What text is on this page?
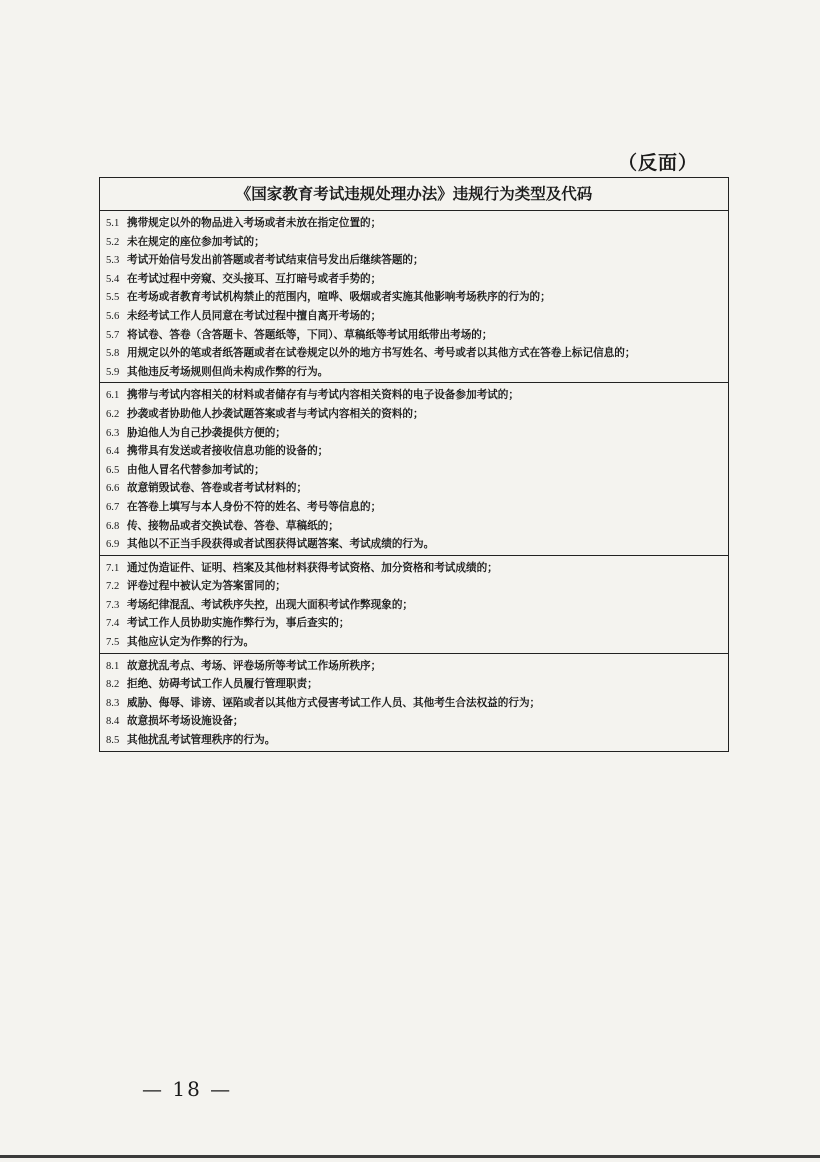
（反面）
《国家教育考试违规处理办法》违规行为类型及代码
5.1 携带规定以外的物品进入考场或者未放在指定位置的；
5.2 未在规定的座位参加考试的；
5.3 考试开始信号发出前答题或者考试结束信号发出后继续答题的；
5.4 在考试过程中旁窥、交头接耳、互打暗号或者手势的；
5.5 在考场或者教育考试机构禁止的范围内，喧哗、吸烟或者实施其他影响考场秩序的行为的；
5.6 未经考试工作人员同意在考试过程中擅自离开考场的；
5.7 将试卷、答卷（含答题卡、答题纸等，下同）、草稿纸等考试用纸带出考场的；
5.8 用规定以外的笔或者纸答题或者在试卷规定以外的地方书写姓名、考号或者以其他方式在答卷上标记信息的；
5.9 其他违反考场规则但尚未构成作弊的行为。
6.1 携带与考试内容相关的材料或者储存有与考试内容相关资料的电子设备参加考试的；
6.2 抄袭或者协助他人抄袭试题答案或者与考试内容相关的资料的；
6.3 胁迫他人为自己抄袭提供方便的；
6.4 携带具有发送或者接收信息功能的设备的；
6.5 由他人冒名代替参加考试的；
6.6 故意销毁试卷、答卷或者考试材料的；
6.7 在答卷上填写与本人身份不符的姓名、考号等信息的；
6.8 传、接物品或者交换试卷、答卷、草稿纸的；
6.9 其他以不正当手段获得或者试图获得试题答案、考试成绩的行为。
7.1 通过伪造证件、证明、档案及其他材料获得考试资格、加分资格和考试成绩的；
7.2 评卷过程中被认定为答案雷同的；
7.3 考场纪律混乱、考试秩序失控，出现大面积考试作弊现象的；
7.4 考试工作人员协助实施作弊行为，事后查实的；
7.5 其他应认定为作弊的行为。
8.1 故意扰乱考点、考场、评卷场所等考试工作场所秩序；
8.2 拒绝、妨碍考试工作人员履行管理职责；
8.3 威胁、侮辱、诽谤、诬陷或者以其他方式侵害考试工作人员、其他考生合法权益的行为；
8.4 故意损坏考场设施设备；
8.5 其他扰乱考试管理秩序的行为。
— 18 —
